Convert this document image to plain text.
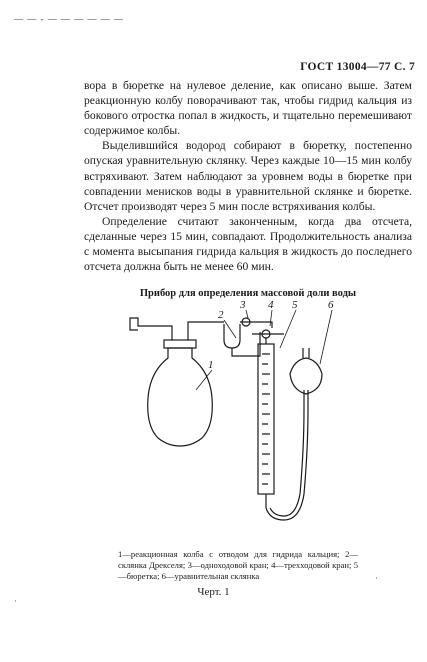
— — - — — — — — —
ГОСТ 13004—77 С. 7

вора в бюретке на нулевое деление, как описано выше. Затем реакционную колбу поворачивают так, чтобы гидрид кальция из бокового отростка попал в жидкость, и тщательно перемешивают содержимое колбы.

Выделившийся водород собирают в бюретку, постепенно опуская уравнительную склянку. Через каждые 10—15 мин колбу встряхивают. Затем наблюдают за уровнем воды в бюретке при совпадении менисков воды в уравнительной склянке и бюретке. Отсчет производят через 5 мин после встряхивания колбы.

Определение считают законченным, когда два отсчета, сделанные через 15 мин, совпадают. Продолжительность анализа с момента высыпания гидрида кальция в жидкость до последнего отсчета должна быть не менее 60 мин.

Прибор для определения массовой доли воды
1
2
3 4 5	6
1—реакционная колба с отводом для гидрида кальция; 2—склянка Дрекселя; 3—одноходовой кран; 4—трехходовой кран; 5—бюретка; 6—уравнительная склянка
Черт. 1
·
·
